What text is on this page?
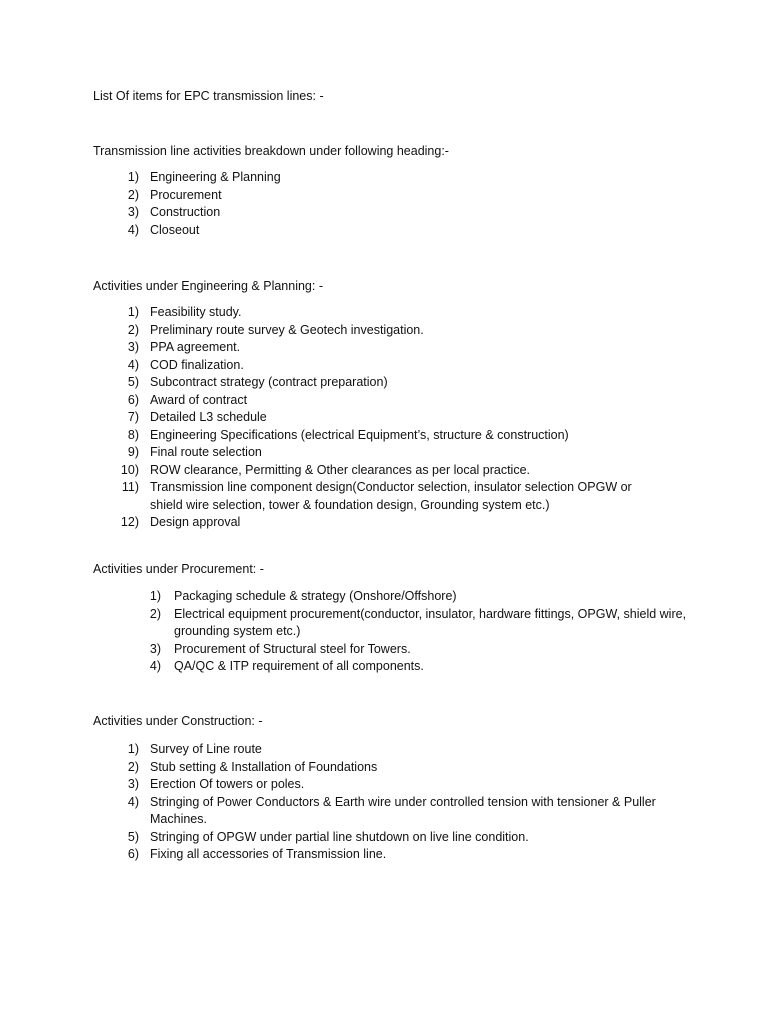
List Of items for EPC transmission lines: -
Transmission line activities breakdown under following heading:-
1) Engineering & Planning
2) Procurement
3) Construction
4) Closeout
Activities under Engineering & Planning: -
1) Feasibility study.
2) Preliminary route survey & Geotech investigation.
3) PPA agreement.
4) COD finalization.
5) Subcontract strategy (contract preparation)
6) Award of contract
7) Detailed L3 schedule
8) Engineering Specifications (electrical Equipment’s, structure & construction)
9) Final route selection
10) ROW clearance, Permitting & Other clearances as per local practice.
11) Transmission line component design(Conductor selection, insulator selection OPGW or shield wire selection, tower & foundation design, Grounding system etc.)
12) Design approval
Activities under Procurement: -
1) Packaging schedule & strategy (Onshore/Offshore)
2) Electrical equipment procurement(conductor, insulator, hardware fittings, OPGW, shield wire, grounding system etc.)
3) Procurement of Structural steel for Towers.
4) QA/QC & ITP requirement of all components.
Activities under Construction: -
1) Survey of Line route
2) Stub setting & Installation of Foundations
3) Erection Of towers or poles.
4) Stringing of Power Conductors & Earth wire under controlled tension with tensioner & Puller Machines.
5) Stringing of OPGW under partial line shutdown on live line condition.
6) Fixing all accessories of Transmission line.
